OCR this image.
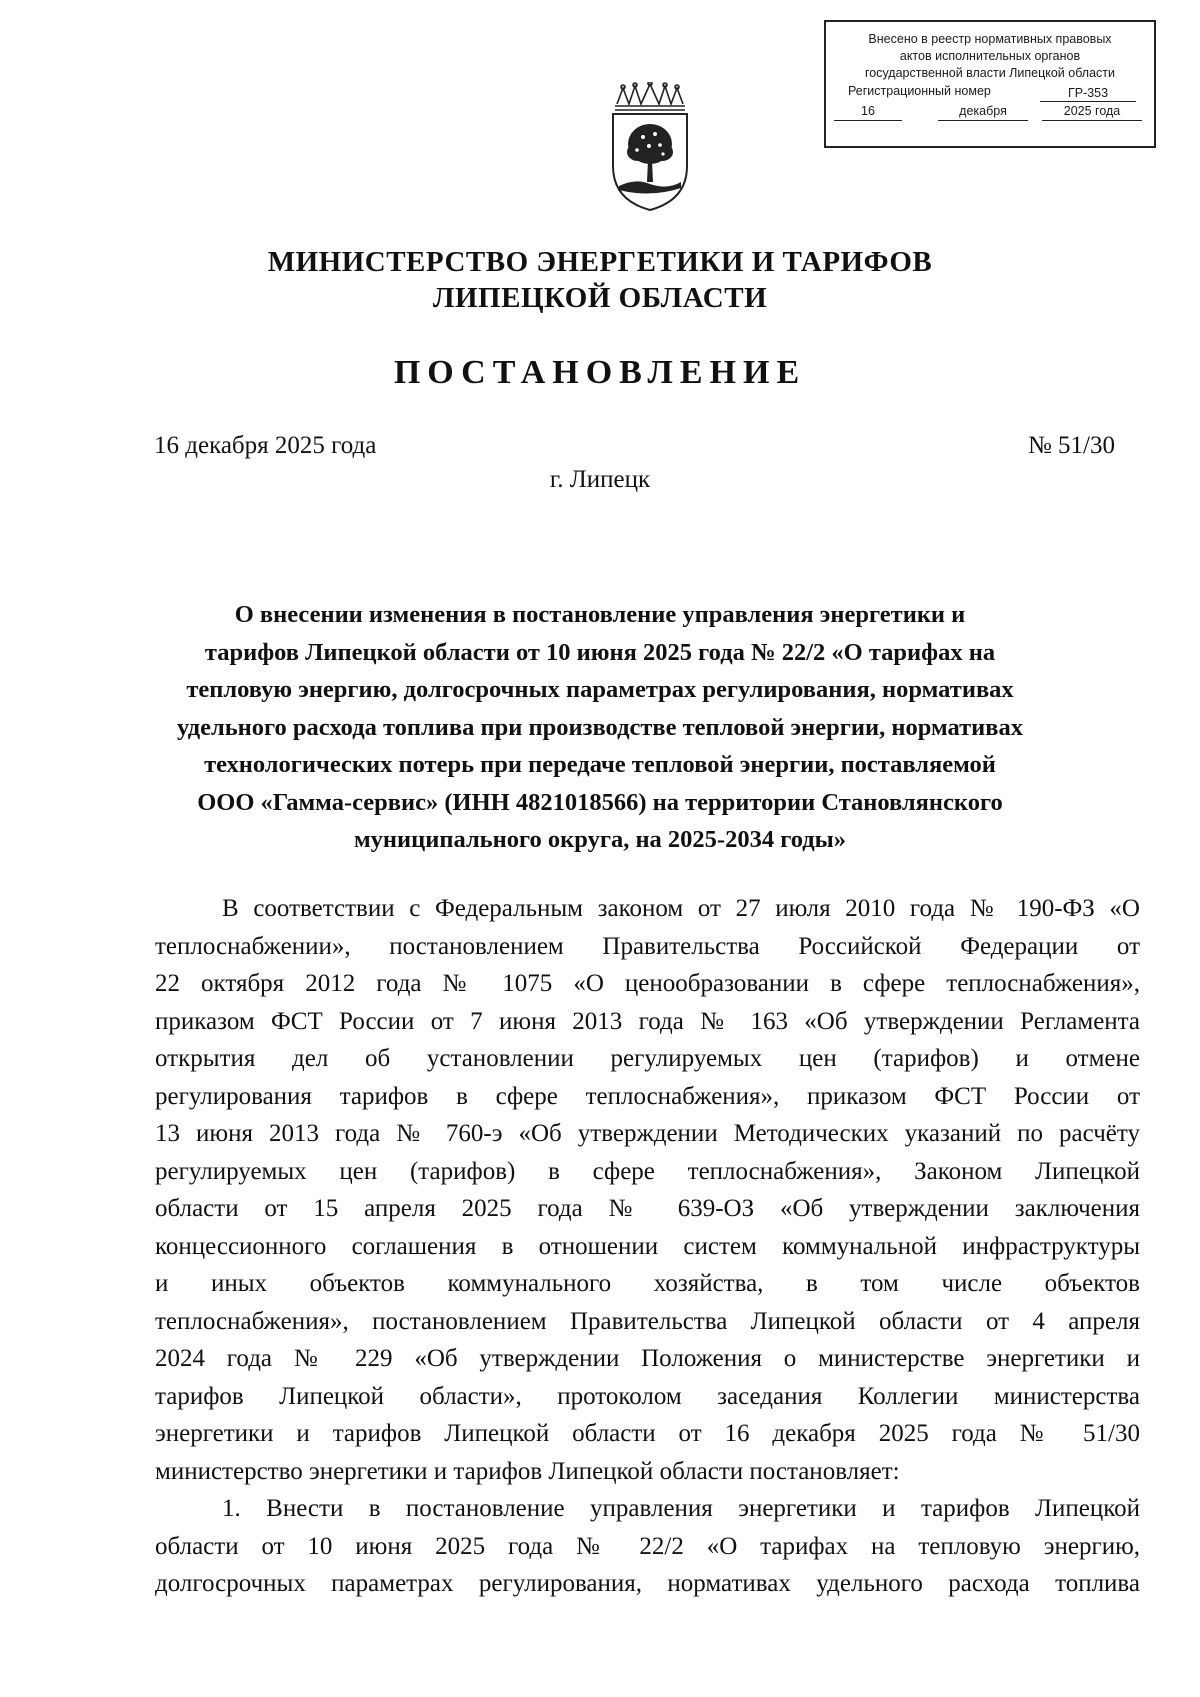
Внесено в реестр нормативных правовых
актов исполнительных органов
государственной власти Липецкой области
Регистрационный номер	ГР-353
16	декабря	2025 года
МИНИСТЕРСТВО ЭНЕРГЕТИКИ И ТАРИФОВ
ЛИПЕЦКОЙ ОБЛАСТИ
ПОСТАНОВЛЕНИЕ
16 декабря 2025 года	№ 51/30
г. Липецк
О внесении изменения в постановление управления энергетики и
тарифов Липецкой области от 10 июня 2025 года № 22/2 «О тарифах на
тепловую энергию, долгосрочных параметрах регулирования, нормативах
удельного расхода топлива при производстве тепловой энергии, нормативах
технологических потерь при передаче тепловой энергии, поставляемой
ООО «Гамма-сервис» (ИНН 4821018566) на территории Становлянского
муниципального округа, на 2025-2034 годы»
В соответствии с Федеральным законом от 27 июля 2010 года № 190-ФЗ «О
теплоснабжении», постановлением Правительства Российской Федерации от
22 октября 2012 года № 1075 «О ценообразовании в сфере теплоснабжения»,
приказом ФСТ России от 7 июня 2013 года № 163 «Об утверждении Регламента
открытия дел об установлении регулируемых цен (тарифов) и отмене
регулирования тарифов в сфере теплоснабжения», приказом ФСТ России от
13 июня 2013 года № 760-э «Об утверждении Методических указаний по расчёту
регулируемых цен (тарифов) в сфере теплоснабжения», Законом Липецкой
области от 15 апреля 2025 года № 639-ОЗ «Об утверждении заключения
концессионного соглашения в отношении систем коммунальной инфраструктуры
и иных объектов коммунального хозяйства, в том числе объектов
теплоснабжения», постановлением Правительства Липецкой области от 4 апреля
2024 года № 229 «Об утверждении Положения о министерстве энергетики и
тарифов Липецкой области», протоколом заседания Коллегии министерства
энергетики и тарифов Липецкой области от 16 декабря 2025 года № 51/30
министерство энергетики и тарифов Липецкой области постановляет:
1. Внести в постановление управления энергетики и тарифов Липецкой
области от 10 июня 2025 года № 22/2 «О тарифах на тепловую энергию,
долгосрочных параметрах регулирования, нормативах удельного расхода топлива
